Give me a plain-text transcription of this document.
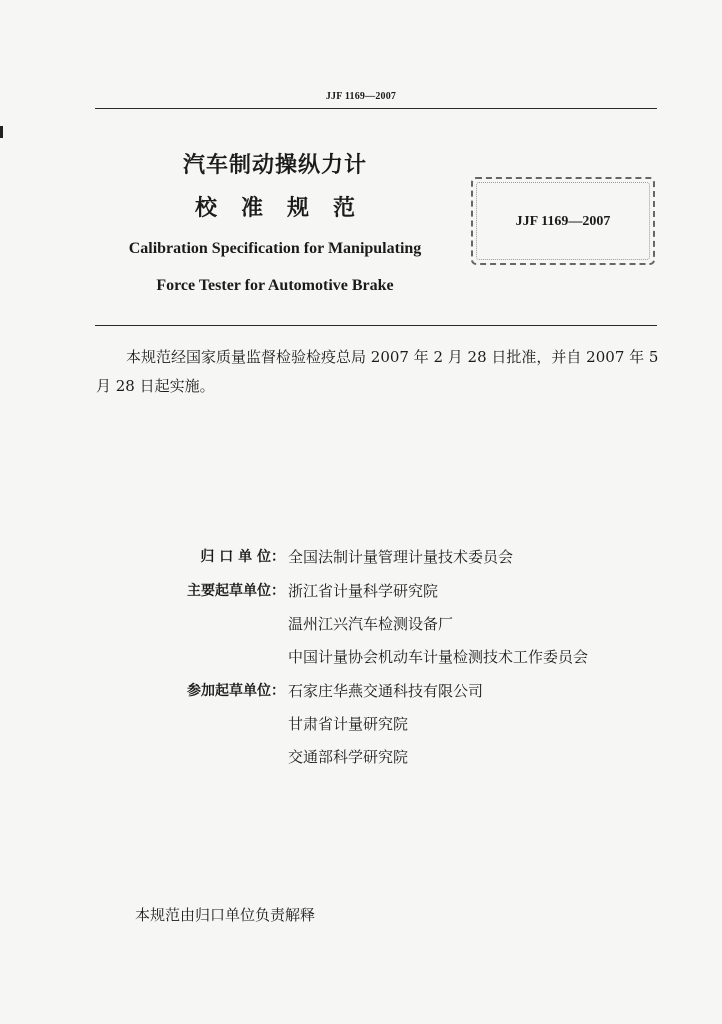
JJF 1169—2007
汽车制动操纵力计
校准规范
Calibration Specification for Manipulating
Force Tester for Automotive Brake
JJF 1169—2007
本规范经国家质量监督检验检疫总局 2007 年 2 月 28 日批准，并自 2007 年 5 月 28 日起实施。
归 口 单 位： 全国法制计量管理计量技术委员会
主要起草单位： 浙江省计量科学研究院
温州江兴汽车检测设备厂
中国计量协会机动车计量检测技术工作委员会
参加起草单位： 石家庄华燕交通科技有限公司
甘肃省计量研究院
交通部科学研究院
本规范由归口单位负责解释
